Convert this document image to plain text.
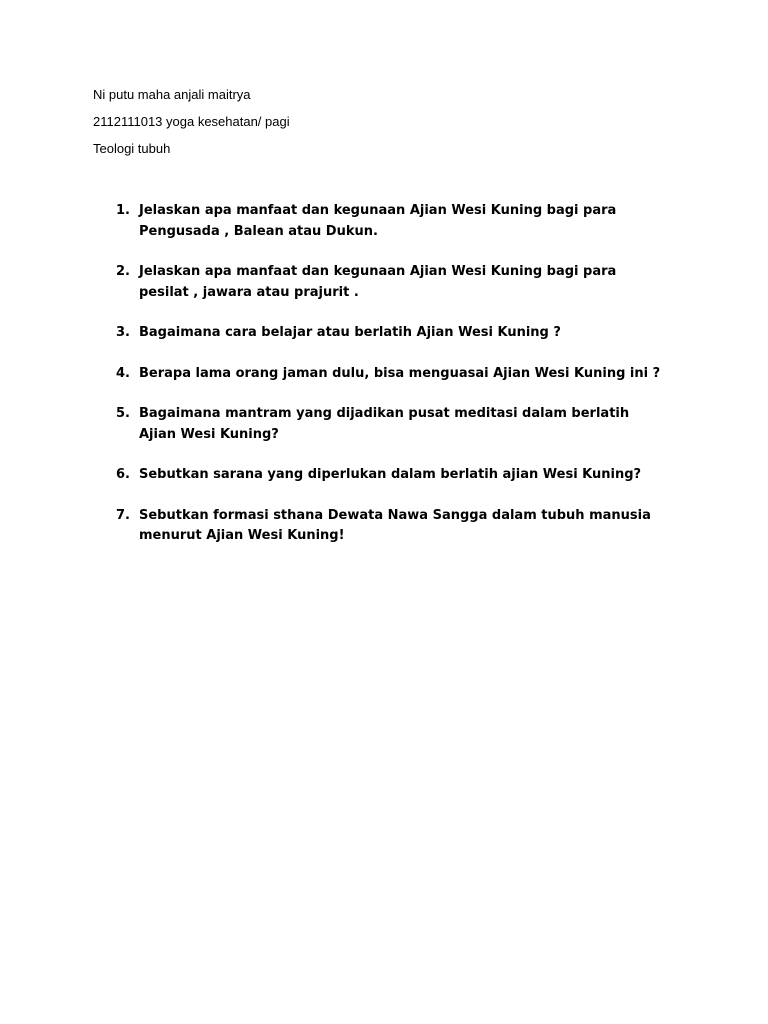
Ni putu maha anjali maitrya
2112111013 yoga kesehatan/ pagi
Teologi tubuh
1. Jelaskan apa manfaat dan kegunaan Ajian Wesi Kuning bagi para
Pengusada , Balean atau Dukun.
2. Jelaskan apa manfaat dan kegunaan Ajian Wesi Kuning bagi para
pesilat , jawara atau prajurit .
3. Bagaimana cara belajar atau berlatih Ajian Wesi Kuning ?
4. Berapa lama orang jaman dulu, bisa menguasai Ajian Wesi Kuning ini ?
5. Bagaimana mantram yang dijadikan pusat meditasi dalam berlatih
Ajian Wesi Kuning?
6. Sebutkan sarana yang diperlukan dalam berlatih ajian Wesi Kuning?
7. Sebutkan formasi sthana Dewata Nawa Sangga dalam tubuh manusia
menurut Ajian Wesi Kuning!
